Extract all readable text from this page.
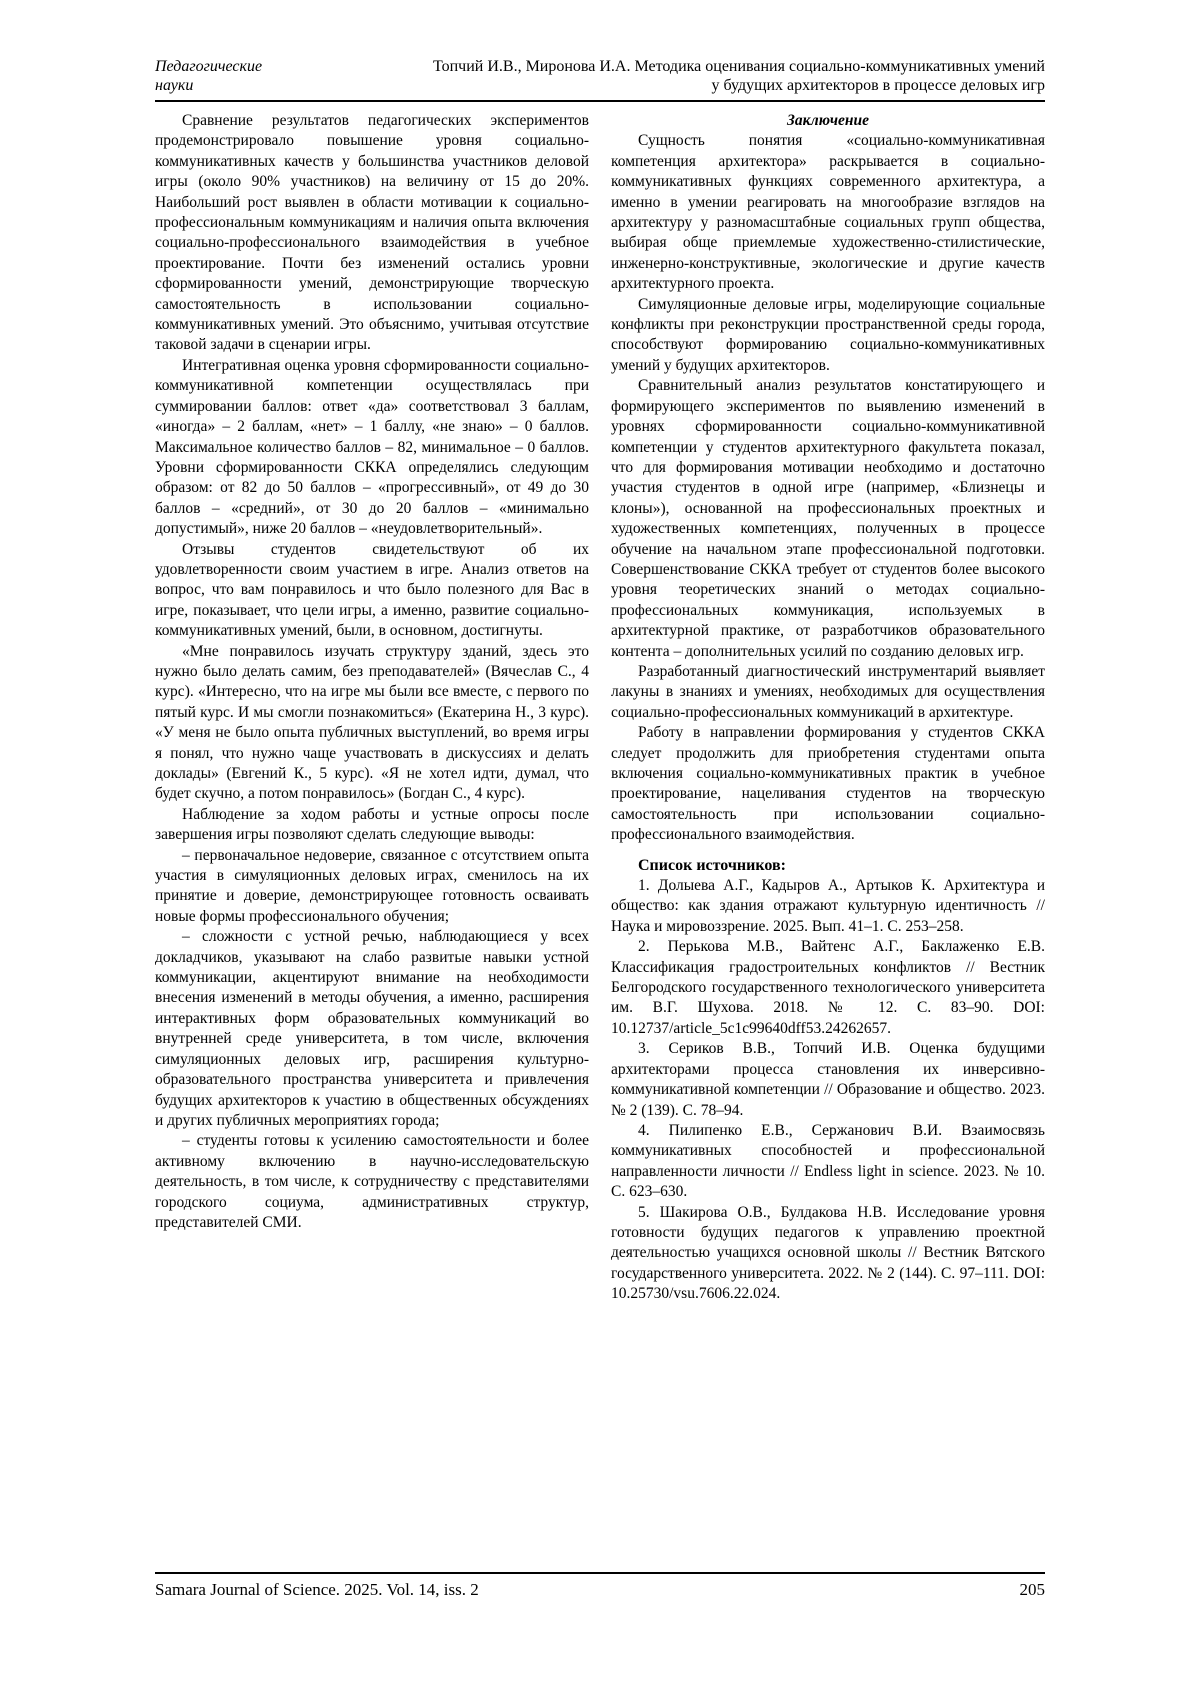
Педагогические
науки
Топчий И.В., Миронова И.А. Методика оценивания социально-коммуникативных умений
у будущих архитекторов в процессе деловых игр

Сравнение результатов педагогических экспериментов продемонстрировало повышение уровня социально-коммуникативных качеств у большинства участников деловой игры (около 90% участников) на величину от 15 до 20%. Наибольший рост выявлен в области мотивации к социально-профессиональным коммуникациям и наличия опыта включения социально-профессионального взаимодействия в учебное проектирование. Почти без изменений остались уровни сформированности умений, демонстрирующие творческую самостоятельность в использовании социально-коммуникативных умений. Это объяснимо, учитывая отсутствие таковой задачи в сценарии игры.

Интегративная оценка уровня сформированности социально-коммуникативной компетенции осуществлялась при суммировании баллов: ответ «да» соответствовал 3 баллам, «иногда» – 2 баллам, «нет» – 1 баллу, «не знаю» – 0 баллов. Максимальное количество баллов – 82, минимальное – 0 баллов. Уровни сформированности СККА определялись следующим образом: от 82 до 50 баллов – «прогрессивный», от 49 до 30 баллов – «средний», от 30 до 20 баллов – «минимально допустимый», ниже 20 баллов – «неудовлетворительный».

Отзывы студентов свидетельствуют об их удовлетворенности своим участием в игре. Анализ ответов на вопрос, что вам понравилось и что было полезного для Вас в игре, показывает, что цели игры, а именно, развитие социально-коммуникативных умений, были, в основном, достигнуты.

«Мне понравилось изучать структуру зданий, здесь это нужно было делать самим, без преподавателей» (Вячеслав С., 4 курс). «Интересно, что на игре мы были все вместе, с первого по пятый курс. И мы смогли познакомиться» (Екатерина Н., 3 курс). «У меня не было опыта публичных выступлений, во время игры я понял, что нужно чаще участвовать в дискуссиях и делать доклады» (Евгений К., 5 курс). «Я не хотел идти, думал, что будет скучно, а потом понравилось» (Богдан С., 4 курс).

Наблюдение за ходом работы и устные опросы после завершения игры позволяют сделать следующие выводы:

– первоначальное недоверие, связанное с отсутствием опыта участия в симуляционных деловых играх, сменилось на их принятие и доверие, демонстрирующее готовность осваивать новые формы профессионального обучения;

– сложности с устной речью, наблюдающиеся у всех докладчиков, указывают на слабо развитые навыки устной коммуникации, акцентируют внимание на необходимости внесения изменений в методы обучения, а именно, расширения интерактивных форм образовательных коммуникаций во внутренней среде университета, в том числе, включения симуляционных деловых игр, расширения культурно-образовательного пространства университета и привлечения будущих архитекторов к участию в общественных обсуждениях и других публичных мероприятиях города;

– студенты готовы к усилению самостоятельности и более активному включению в научно-исследовательскую деятельность, в том числе, к сотрудничеству с представителями городского социума, административных структур, представителей СМИ.

Заключение

Сущность понятия «социально-коммуникативная компетенция архитектора» раскрывается в социально-коммуникативных функциях современного архитектура, а именно в умении реагировать на многообразие взглядов на архитектуру у разномасштабные социальных групп общества, выбирая обще приемлемые художественно-стилистические, инженерно-конструктивные, экологические и другие качеств архитектурного проекта.

Симуляционные деловые игры, моделирующие социальные конфликты при реконструкции пространственной среды города, способствуют формированию социально-коммуникативных умений у будущих архитекторов.

Сравнительный анализ результатов констатирующего и формирующего экспериментов по выявлению изменений в уровнях сформированности социально-коммуникативной компетенции у студентов архитектурного факультета показал, что для формирования мотивации необходимо и достаточно участия студентов в одной игре (например, «Близнецы и клоны»), основанной на профессиональных проектных и художественных компетенциях, полученных в процессе обучение на начальном этапе профессиональной подготовки. Совершенствование СККА требует от студентов более высокого уровня теоретических знаний о методах социально-профессиональных коммуникация, используемых в архитектурной практике, от разработчиков образовательного контента – дополнительных усилий по созданию деловых игр.

Разработанный диагностический инструментарий выявляет лакуны в знаниях и умениях, необходимых для осуществления социально-профессиональных коммуникаций в архитектуре.

Работу в направлении формирования у студентов СККА следует продолжить для приобретения студентами опыта включения социально-коммуникативных практик в учебное проектирование, нацеливания студентов на творческую самостоятельность при использовании социально-профессионального взаимодействия.

Список источников:

1. Долыева А.Г., Кадыров А., Артыков К. Архитектура и общество: как здания отражают культурную идентичность // Наука и мировоззрение. 2025. Вып. 41–1. С. 253–258.

2. Перькова М.В., Вайтенс А.Г., Баклаженко Е.В. Классификация градостроительных конфликтов // Вестник Белгородского государственного технологического университета им. В.Г. Шухова. 2018. № 12. С. 83–90. DOI: 10.12737/article_5c1c99640dff53.24262657.

3. Сериков В.В., Топчий И.В. Оценка будущими архитекторами процесса становления их инверсивно-коммуникативной компетенции // Образование и общество. 2023. № 2 (139). С. 78–94.

4. Пилипенко Е.В., Сержанович В.И. Взаимосвязь коммуникативных способностей и профессиональной направленности личности // Endless light in science. 2023. № 10. С. 623–630.

5. Шакирова О.В., Булдакова Н.В. Исследование уровня готовности будущих педагогов к управлению проектной деятельностью учащихся основной школы // Вестник Вятского государственного университета. 2022. № 2 (144). С. 97–111. DOI: 10.25730/vsu.7606.22.024.

Samara Journal of Science. 2025. Vol. 14, iss. 2	205
